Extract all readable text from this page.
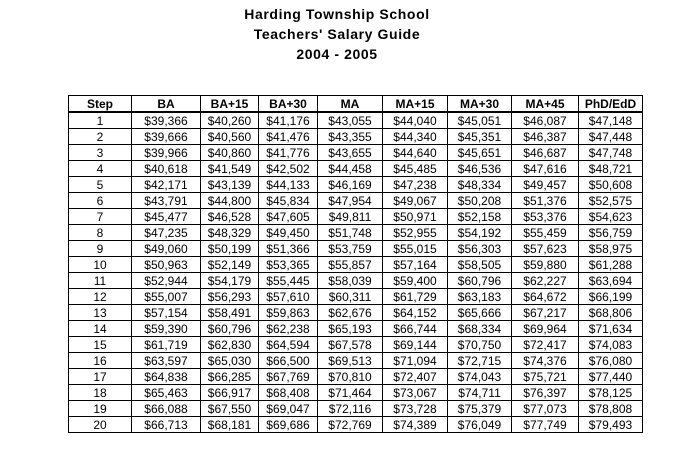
Harding Township School
Teachers' Salary Guide
2004 - 2005
Step	BA	BA+15	BA+30	MA	MA+15	MA+30	MA+45	PhD/EdD
1	$39,366	$40,260	$41,176	$43,055	$44,040	$45,051	$46,087	$47,148
2	$39,666	$40,560	$41,476	$43,355	$44,340	$45,351	$46,387	$47,448
3	$39,966	$40,860	$41,776	$43,655	$44,640	$45,651	$46,687	$47,748
4	$40,618	$41,549	$42,502	$44,458	$45,485	$46,536	$47,616	$48,721
5	$42,171	$43,139	$44,133	$46,169	$47,238	$48,334	$49,457	$50,608
6	$43,791	$44,800	$45,834	$47,954	$49,067	$50,208	$51,376	$52,575
7	$45,477	$46,528	$47,605	$49,811	$50,971	$52,158	$53,376	$54,623
8	$47,235	$48,329	$49,450	$51,748	$52,955	$54,192	$55,459	$56,759
9	$49,060	$50,199	$51,366	$53,759	$55,015	$56,303	$57,623	$58,975
10	$50,963	$52,149	$53,365	$55,857	$57,164	$58,505	$59,880	$61,288
11	$52,944	$54,179	$55,445	$58,039	$59,400	$60,796	$62,227	$63,694
12	$55,007	$56,293	$57,610	$60,311	$61,729	$63,183	$64,672	$66,199
13	$57,154	$58,491	$59,863	$62,676	$64,152	$65,666	$67,217	$68,806
14	$59,390	$60,796	$62,238	$65,193	$66,744	$68,334	$69,964	$71,634
15	$61,719	$62,830	$64,594	$67,578	$69,144	$70,750	$72,417	$74,083
16	$63,597	$65,030	$66,500	$69,513	$71,094	$72,715	$74,376	$76,080
17	$64,838	$66,285	$67,769	$70,810	$72,407	$74,043	$75,721	$77,440
18	$65,463	$66,917	$68,408	$71,464	$73,067	$74,711	$76,397	$78,125
19	$66,088	$67,550	$69,047	$72,116	$73,728	$75,379	$77,073	$78,808
20	$66,713	$68,181	$69,686	$72,769	$74,389	$76,049	$77,749	$79,493
